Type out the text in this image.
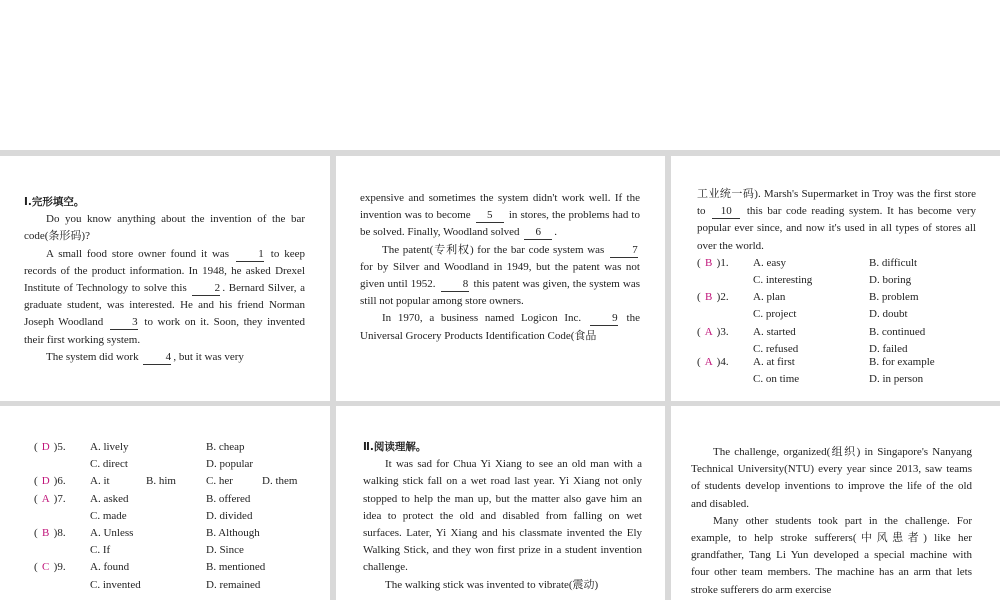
Ⅰ.完形填空。

Do you know anything about the invention of the bar code(条形码)?

A small food store owner found it was 1 to keep records of the product information. In 1948, he asked Drexel Institute of Technology to solve this 2 . Bernard Silver, a graduate student, was interested. He and his friend Norman Joseph Woodland 3 to work on it. Soon, they invented their first working system.

The system did work 4 , but it was very

expensive and sometimes the system didn't work well. If the invention was to become 5 in stores, the problems had to be solved. Finally, Woodland solved 6 .

The patent(专利权) for the bar code system was 7 for by Silver and Woodland in 1949, but the patent was not given until 1952. 8 this patent was given, the system was still not popular among store owners.

In 1970, a business named Logicon Inc. 9 the Universal Grocery Products Identification Code(食品

工业统一码). Marsh's Supermarket in Troy was the first store to 10 this bar code reading system. It has become very popular ever since, and now it's used in all types of stores all over the world.

( B )1.	A. easy	B. difficult
C. interesting	D. boring
( B )2.	A. plan	B. problem
C. project	D. doubt
( A )3.	A. started	B. continued
C. refused	D. failed
( A )4.	A. at first	B. for example
C. on time	D. in person
( D )5.	A. lively	B. cheap
C. direct	D. popular
( D )6.	A. it	B. him	C. her	D. them
( A )7.	A. asked	B. offered
C. made	D. divided
( B )8.	A. Unless	B. Although
C. If	D. Since
( C )9.	A. found	B. mentioned
C. invented	D. remained

Ⅱ.阅读理解。

It was sad for Chua Yi Xiang to see an old man with a walking stick fall on a wet road last year. Yi Xiang not only stopped to help the man up, but the matter also gave him an idea to protect the old and disabled from falling on wet surfaces. Later, Yi Xiang and his classmate invented the Ely Walking Stick, and they won first prize in a student invention challenge.

The walking stick was invented to vibrate(震动)

The challenge, organized(组织) in Singapore's Nanyang Technical University(NTU) every year since 2013, saw teams of students develop inventions to improve the life of the old and disabled.

Many other students took part in the challenge. For example, to help stroke sufferers(中风患者) like her grandfather, Tang Li Yun developed a special machine with four other team members. The machine has an arm that lets stroke sufferers do arm exercise
